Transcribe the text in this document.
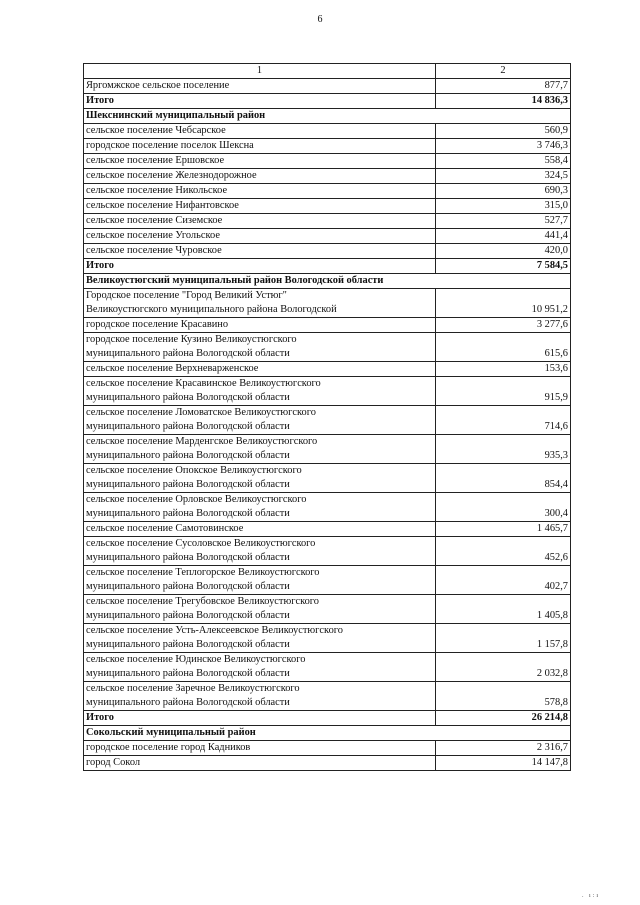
6
1	2

Яргомжское сельское поселение	877,7

Итого	14 836,3

Шекснинский муниципальный район	

сельское поселение Чебсарское	560,9

городское поселение поселок Шексна	3 746,3

сельское поселение Ершовское	558,4

сельское поселение Железнодорожное	324,5

сельское поселение Никольское	690,3

сельское поселение Нифантовское	315,0

сельское поселение Сиземское	527,7

сельское поселение Угольское	441,4

сельское поселение Чуровское	420,0

Итого	7 584,5

Великоустюгский муниципальный район Вологодской области	

Городское поселение "Город Великий Устюг"
Великоустюгского муниципального района Вологодской	10 951,2

городское поселение Красавино	3 277,6

городское поселение Кузино Великоустюгского
муниципального района Вологодской области	615,6

сельское поселение Верхневарженское	153,6

сельское поселение Красавинское Великоустюгского
муниципального района Вологодской области	915,9

сельское поселение Ломоватское Великоустюгского
муниципального района Вологодской области	714,6

сельское поселение Марденгское Великоустюгского
муниципального района Вологодской области	935,3

сельское поселение Опокское Великоустюгского
муниципального района Вологодской области	854,4

сельское поселение Орловское Великоустюгского
муниципального района Вологодской области	300,4

сельское поселение Самотовинское	1 465,7

сельское поселение Сусоловское Великоустюгского
муниципального района Вологодской области	452,6

сельское поселение Теплогорское Великоустюгского
муниципального района Вологодской области	402,7

сельское поселение Трегубовское Великоустюгского
муниципального района Вологодской области	1 405,8

сельское поселение Усть-Алексеевское Великоустюгского
муниципального района Вологодской области	1 157,8

сельское поселение Юдинское Великоустюгского
муниципального района Вологодской области	2 032,8

сельское поселение Заречное Великоустюгского
муниципального района Вологодской области	578,8

Итого	26 214,8

Сокольский муниципальный район	

городское поселение город Кадников	2 316,7

город Сокол	14 147,8
. ı:ı
